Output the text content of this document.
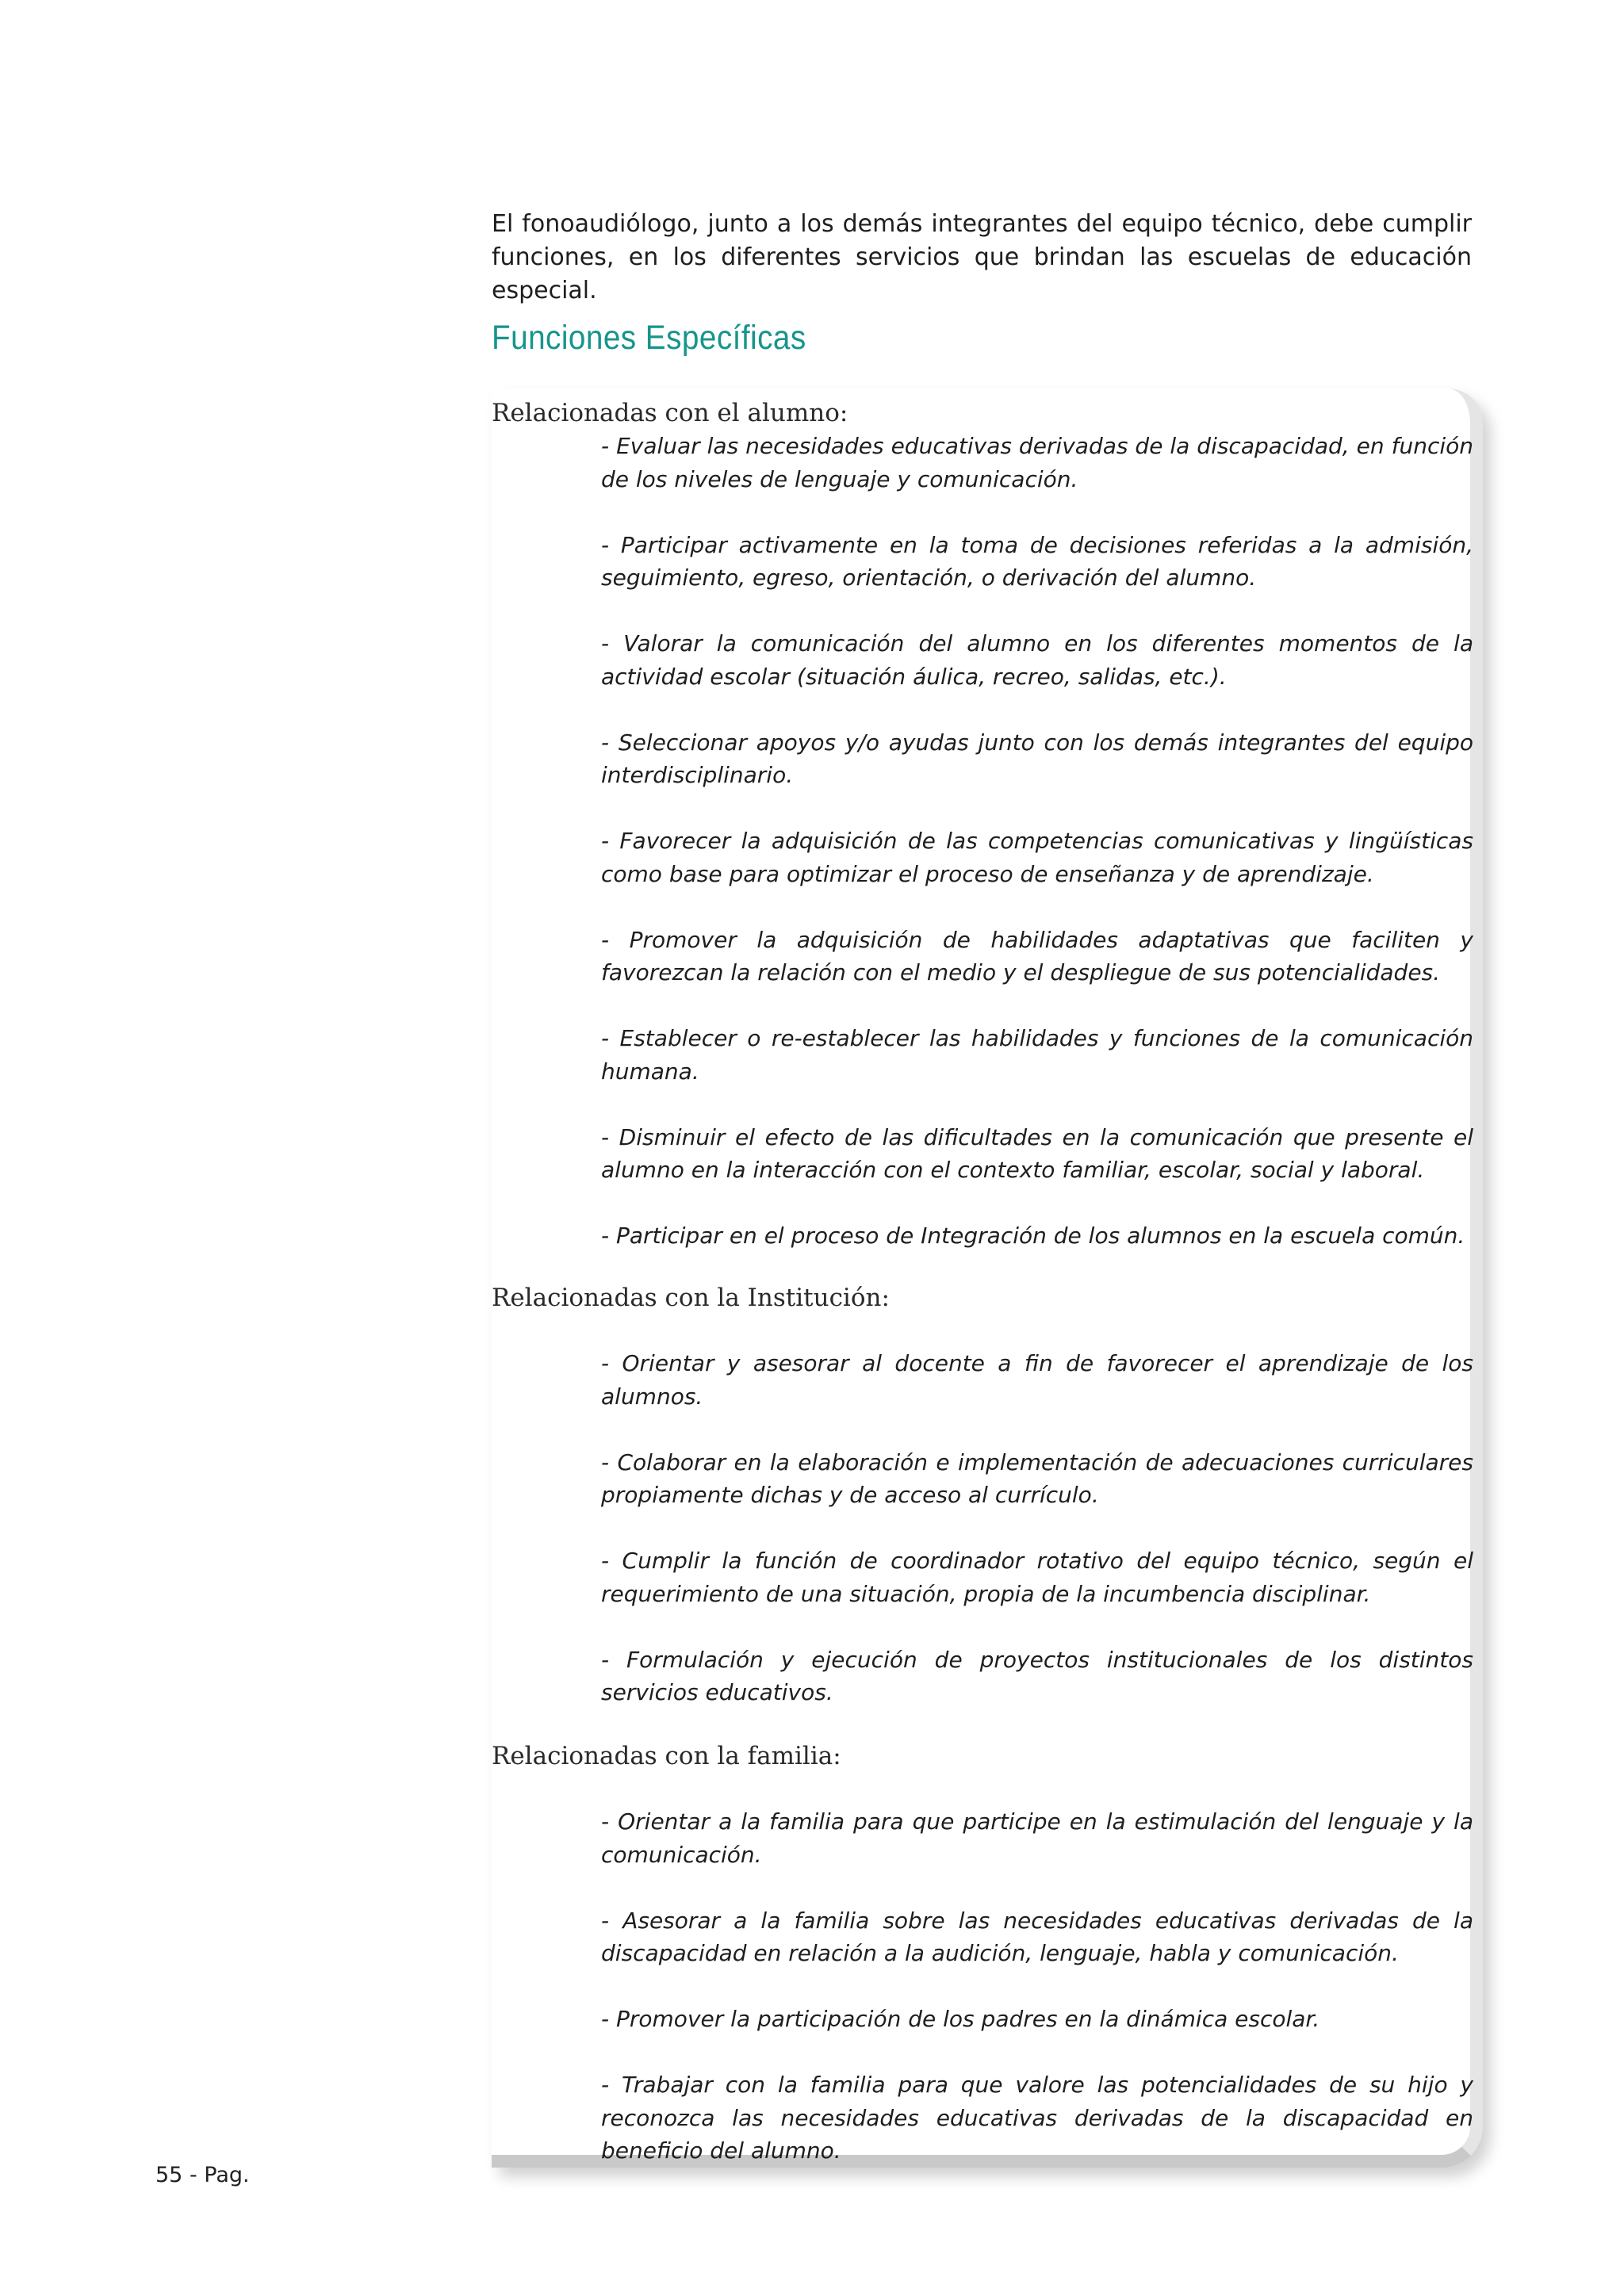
El fonoaudiólogo, junto a los demás integrantes del equipo técnico, debe cumplir funciones, en los diferentes servicios que brindan las escuelas de educación especial.

Funciones Específicas
Relacionadas con el alumno:

- Evaluar las necesidades educativas derivadas de la discapacidad, en función de los niveles de lenguaje y comunicación.

- Participar activamente en la toma de decisiones referidas a la admisión, seguimiento, egreso, orientación, o derivación del alumno.

- Valorar la comunicación del alumno en los diferentes momentos de la actividad escolar (situación áulica, recreo, salidas, etc.).

- Seleccionar apoyos y/o ayudas junto con los demás integrantes del equipo interdisciplinario.

- Favorecer la adquisición de las competencias comunicativas y lingüísticas como base para optimizar el proceso de enseñanza y de aprendizaje.

- Promover la adquisición de habilidades adaptativas que faciliten y favorezcan la relación con el medio y el despliegue de sus potencialidades.

- Establecer o re-establecer las habilidades y funciones de la comunicación humana.

- Disminuir el efecto de las dificultades en la comunicación que presente el alumno en la interacción con el contexto familiar, escolar, social y laboral.

- Participar en el proceso de Integración de los alumnos en la escuela común.

Relacionadas con la Institución:

- Orientar y asesorar al docente a fin de favorecer el aprendizaje de los alumnos.

- Colaborar en la elaboración e implementación de adecuaciones curriculares propiamente dichas y de acceso al currículo.

- Cumplir la función de coordinador rotativo del equipo técnico, según el requerimiento de una situación, propia de la incumbencia disciplinar.

- Formulación y ejecución de proyectos institucionales de los distintos servicios educativos.

Relacionadas con la familia:

- Orientar a la familia para que participe en la estimulación del lenguaje y la comunicación.

- Asesorar a la familia sobre las necesidades educativas derivadas de la discapacidad en relación a la audición, lenguaje, habla y comunicación.

- Promover la participación de los padres en la dinámica escolar.

- Trabajar con la familia para que valore las potencialidades de su hijo y reconozca las necesidades educativas derivadas de la discapacidad en beneficio del alumno.

55 - Pag.
